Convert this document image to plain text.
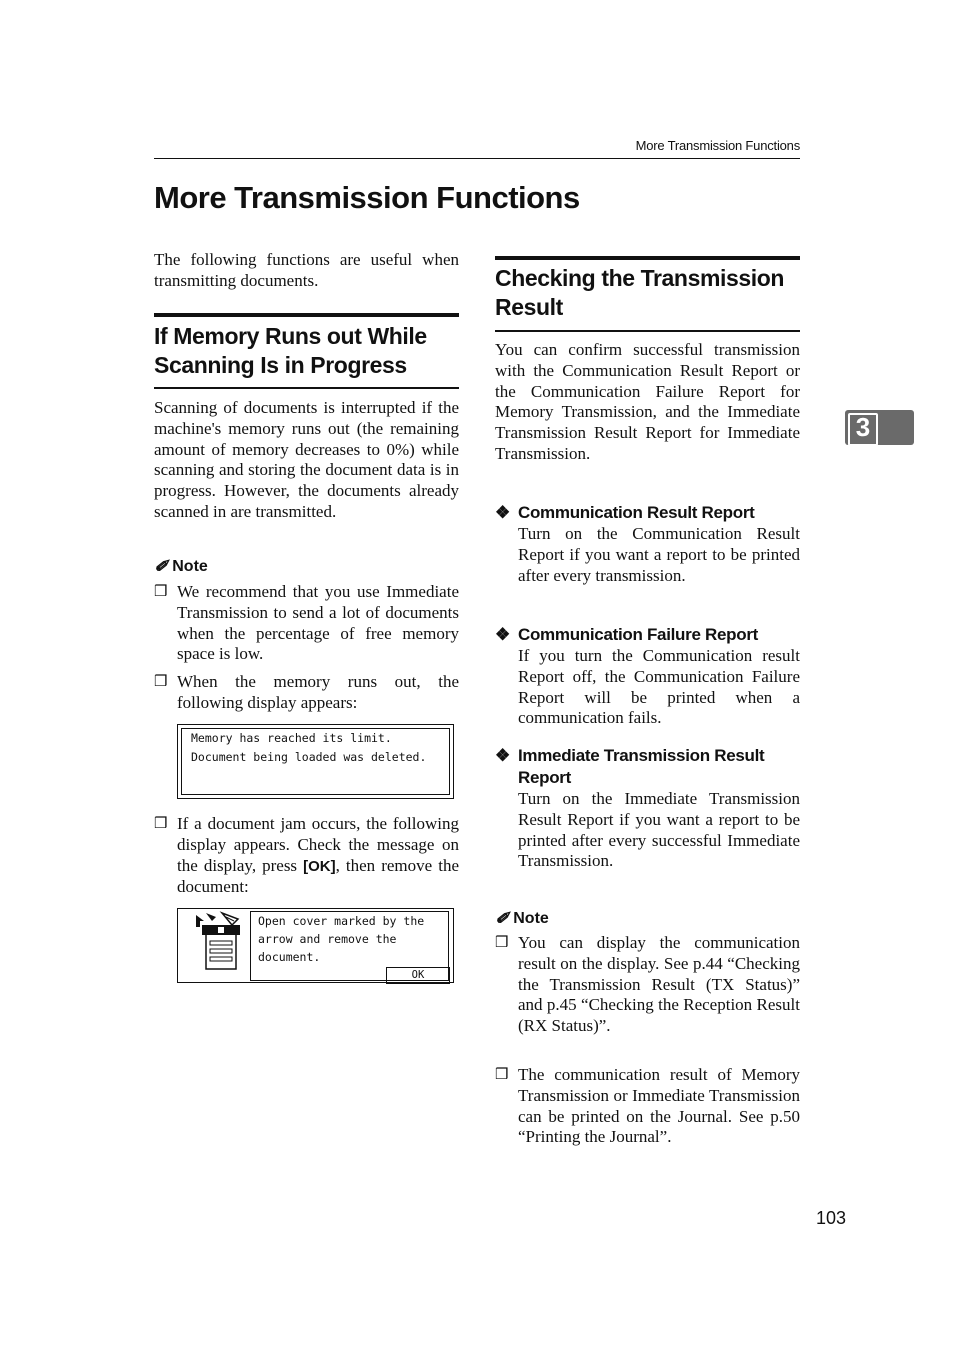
More Transmission Functions
More Transmission Functions

The following functions are useful when transmitting documents.

If Memory Runs out While
Scanning Is in Progress

Scanning of documents is interrupted if the machine's memory runs out (the remaining amount of memory decreases to 0%) while scanning and storing the document data is in progress. However, the documents already scanned in are transmitted.

✐ Note
❒ We recommend that you use Immediate Transmission to send a lot of documents when the percentage of free memory space is low.
❒ When the memory runs out, the following display appears:
Memory has reached its limit.
Document being loaded was deleted.
❒ If a document jam occurs, the following display appears. Check the message on the display, press [OK], then remove the document:
Open cover marked by the
arrow and remove the
document.
OK
Checking the Transmission
Result

You can confirm successful transmission with the Communication Result Report or the Communication Failure Report for Memory Transmission, and the Immediate Transmission Result Report for Immediate Transmission.

❖ Communication Result Report
Turn on the Communication Result Report if you want a report to be printed after every transmission.
❖ Communication Failure Report
If you turn the Communication result Report off, the Communication Failure Report will be printed when a communication fails.
❖ Immediate Transmission Result Report
Turn on the Immediate Transmission Result Report if you want a report to be printed after every successful Immediate Transmission.
✐ Note
❒ You can display the communication result on the display. See p.44 “Checking the Transmission Result (TX Status)” and p.45 “Checking the Reception Result (RX Status)”.
❒ The communication result of Memory Transmission or Immediate Transmission can be printed on the Journal. See p.50 “Printing the Journal”.
3
103
